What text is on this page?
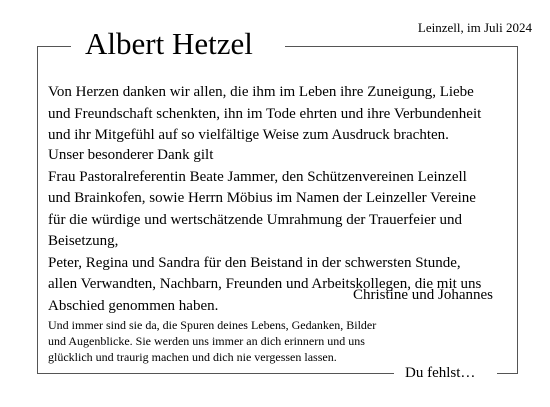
Leinzell, im Juli 2024
Albert Hetzel
Von Herzen danken wir allen, die ihm im Leben ihre Zuneigung, Liebe
und Freundschaft schenkten, ihn im Tode ehrten und ihre Verbundenheit
und ihr Mitgefühl auf so vielfältige Weise zum Ausdruck brachten.
Unser besonderer Dank gilt
Frau Pastoralreferentin Beate Jammer, den Schützenvereinen Leinzell
und Brainkofen, sowie Herrn Möbius im Namen der Leinzeller Vereine
für die würdige und wertschätzende Umrahmung der Trauerfeier und
Beisetzung,
Peter, Regina und Sandra für den Beistand in der schwersten Stunde,
allen Verwandten, Nachbarn, Freunden und Arbeitskollegen, die mit uns
Abschied genommen haben.
Christine und Johannes
Und immer sind sie da, die Spuren deines Lebens, Gedanken, Bilder
und Augenblicke. Sie werden uns immer an dich erinnern und uns
glücklich und traurig machen und dich nie vergessen lassen.
Du fehlst…
